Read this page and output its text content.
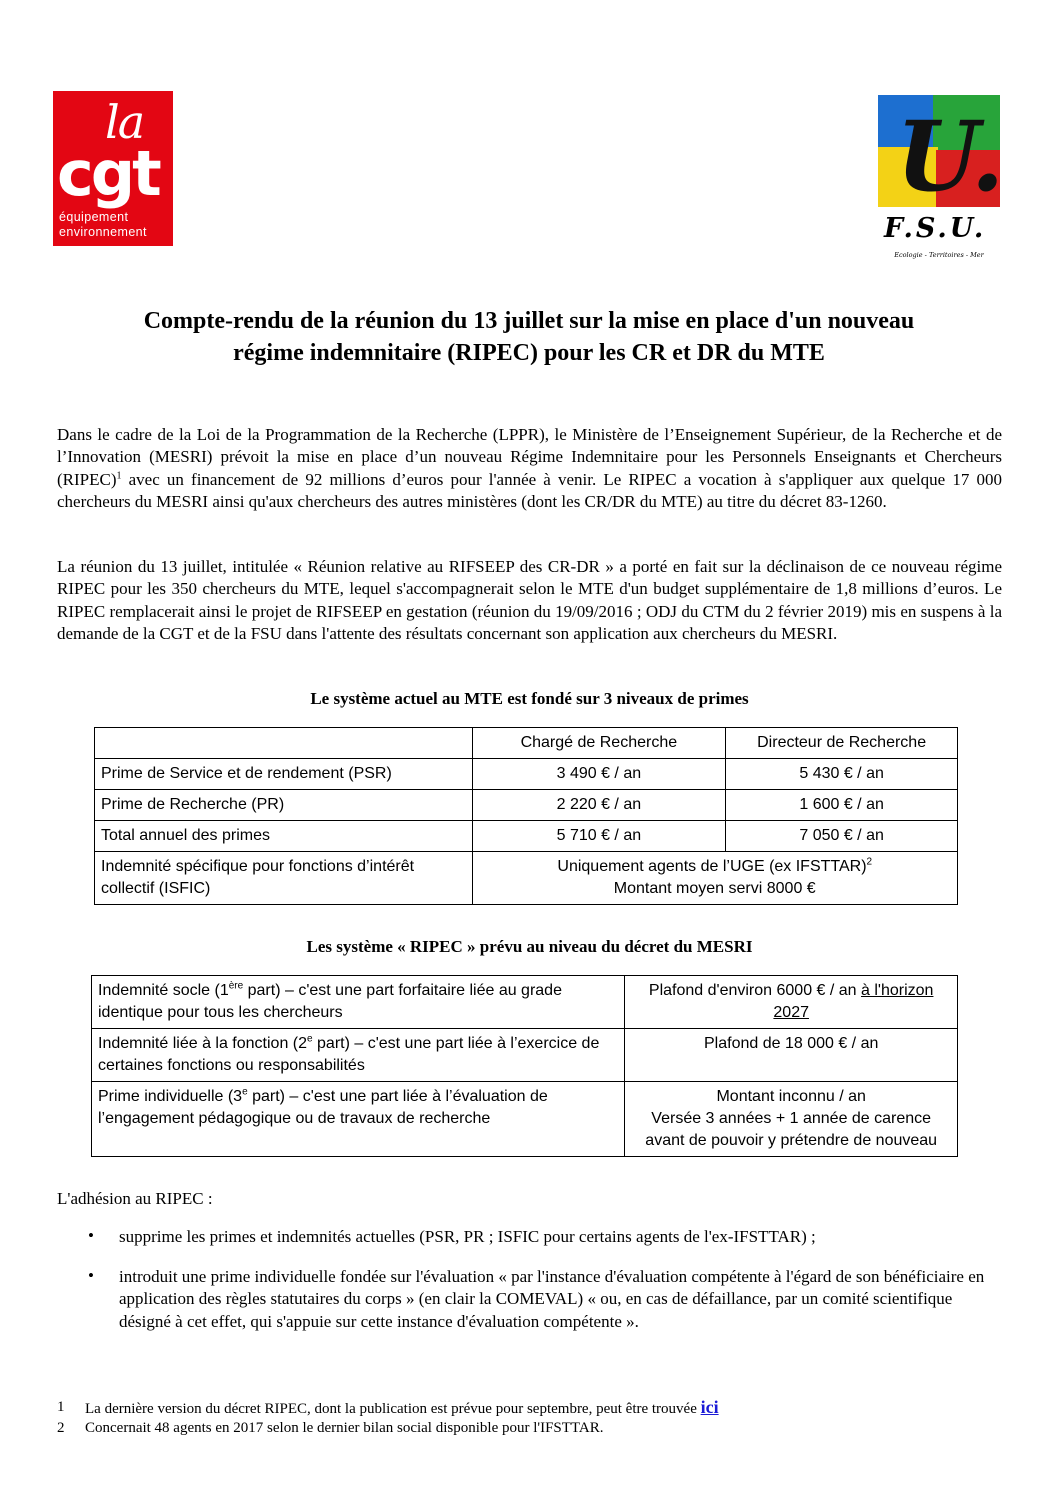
la
cgt
équipement
environnement
U.
F.S.U.
Ecologie - Territoires - Mer
Compte-rendu de la réunion du 13 juillet sur la mise en place d'un nouveau
régime indemnitaire (RIPEC) pour les CR et DR du MTE
Dans le cadre de la Loi de la Programmation de la Recherche (LPPR), le Ministère de l’Enseignement Supérieur, de la Recherche et de l’Innovation (MESRI) prévoit la mise en place d’un nouveau Régime Indemnitaire pour les Personnels Enseignants et Chercheurs (RIPEC)$^1$ avec un financement de 92 millions d’euros pour l'année à venir. Le RIPEC a vocation à s'appliquer aux quelque 17 000 chercheurs du MESRI ainsi qu'aux chercheurs des autres ministères (dont les CR/DR du MTE) au titre du décret 83-1260.
La réunion du 13 juillet, intitulée « Réunion relative au RIFSEEP des CR-DR » a porté en fait sur la déclinaison de ce nouveau régime RIPEC pour les 350 chercheurs du MTE, lequel s'accompagnerait selon le MTE d'un budget supplémentaire de 1,8 millions d’euros. Le RIPEC remplacerait ainsi le projet de RIFSEEP en gestation (réunion du 19/09/2016 ; ODJ du CTM du 2 février 2019) mis en suspens à la demande de la CGT et de la FSU dans l'attente des résultats concernant son application aux chercheurs du MESRI.
Le système actuel au MTE est fondé sur 3 niveaux de primes
	Chargé de Recherche	Directeur de Recherche
Prime de Service et de rendement (PSR)	3 490 € / an	5 430 € / an
Prime de Recherche (PR)	2 220 € / an	1 600 € / an
Total annuel des primes	5 710 € / an	7 050 € / an
Indemnité spécifique pour fonctions d’intérêt collectif (ISFIC)	Uniquement agents de l’UGE (ex IFSTTAR)$^2$
Montant moyen servi 8000 €	
Les système « RIPEC » prévu au niveau du décret du MESRI
Indemnité socle (1ère part) – c'est une part forfaitaire liée au grade identique pour tous les chercheurs	Plafond d'environ 6000 € / an à l'horizon 2027
Indemnité liée à la fonction (2e part) – c'est une part liée à l’exercice de certaines fonctions ou responsabilités	Plafond de 18 000 € / an
Prime individuelle (3e part) – c'est une part liée à l’évaluation de l’engagement pédagogique ou de travaux de recherche	Montant inconnu / an
Versée 3 années + 1 année de carence avant de pouvoir y prétendre de nouveau
L'adhésion au RIPEC :
• supprime les primes et indemnités actuelles (PSR, PR ; ISFIC pour certains agents de l'ex-IFSTTAR) ;
• introduit une prime individuelle fondée sur l'évaluation « par l'instance d'évaluation compétente à l'égard de son bénéficiaire en application des règles statutaires du corps » (en clair la COMEVAL) « ou, en cas de défaillance, par un comité scientifique désigné à cet effet, qui s'appuie sur cette instance d'évaluation compétente ».
1 La dernière version du décret RIPEC, dont la publication est prévue pour septembre, peut être trouvée ici
2 Concernait 48 agents en 2017 selon le dernier bilan social disponible pour l'IFSTTAR.
